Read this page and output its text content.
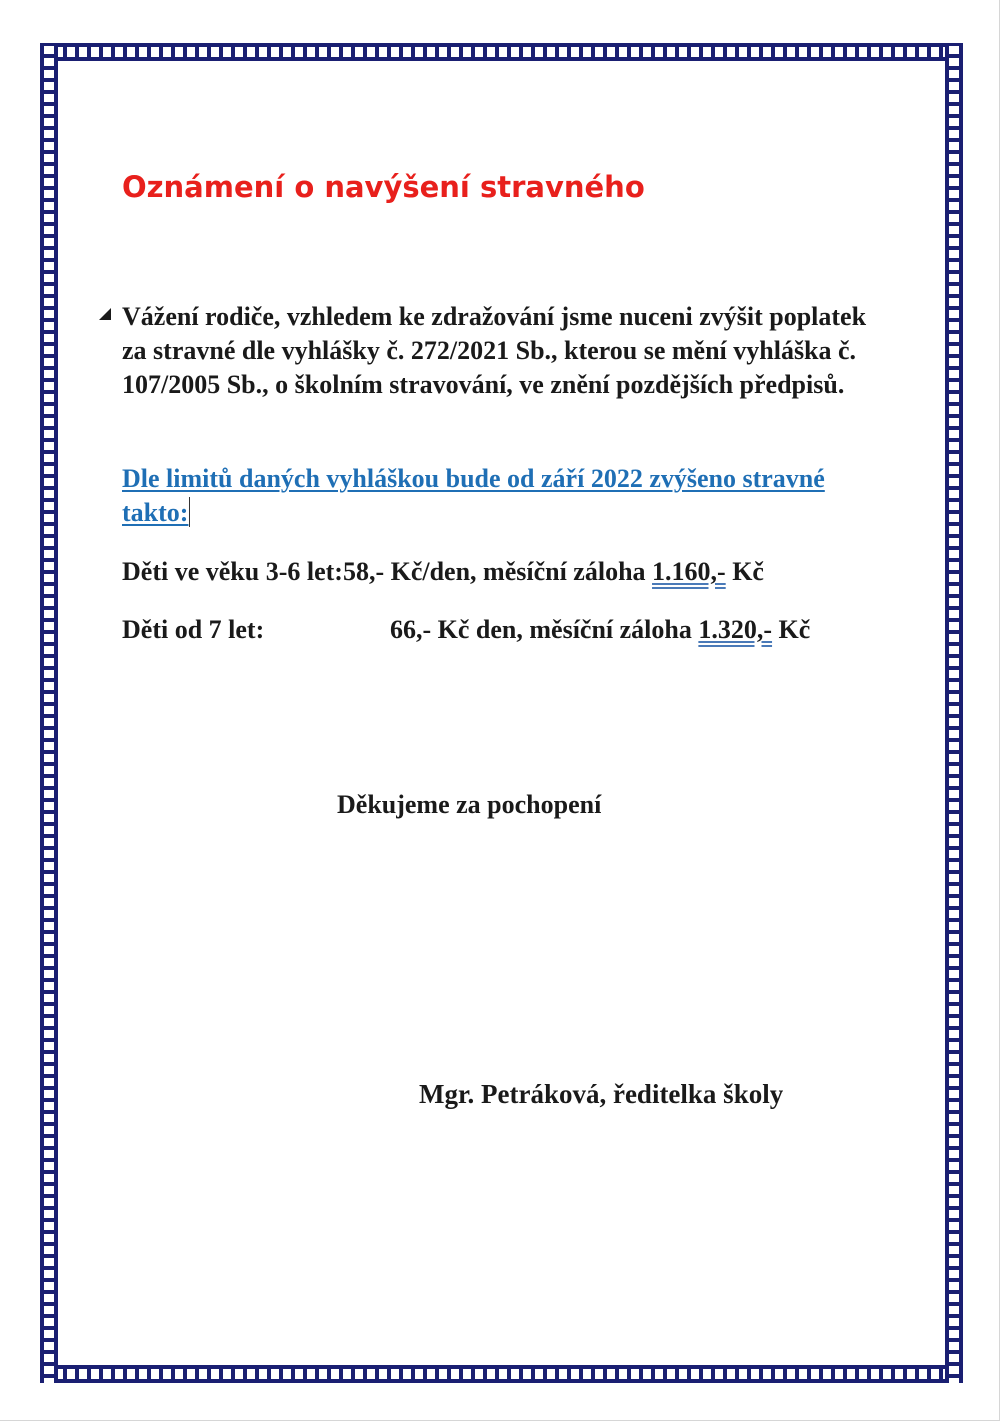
Oznámení o navýšení stravného

Vážení rodiče, vzhledem ke zdražování jsme nuceni zvýšit poplatek za stravné dle vyhlášky č. 272/2021 Sb., kterou se mění vyhláška č. 107/2005 Sb., o školním stravování, ve znění pozdějších předpisů.

Dle limitů daných vyhláškou bude od září 2022 zvýšeno stravné takto:

Děti ve věku 3-6 let:58,- Kč/den, měsíční záloha 1.160,- Kč

Děti od 7 let:	66,- Kč den, měsíční záloha 1.320,- Kč

Děkujeme za pochopení

Mgr. Petráková, ředitelka školy
